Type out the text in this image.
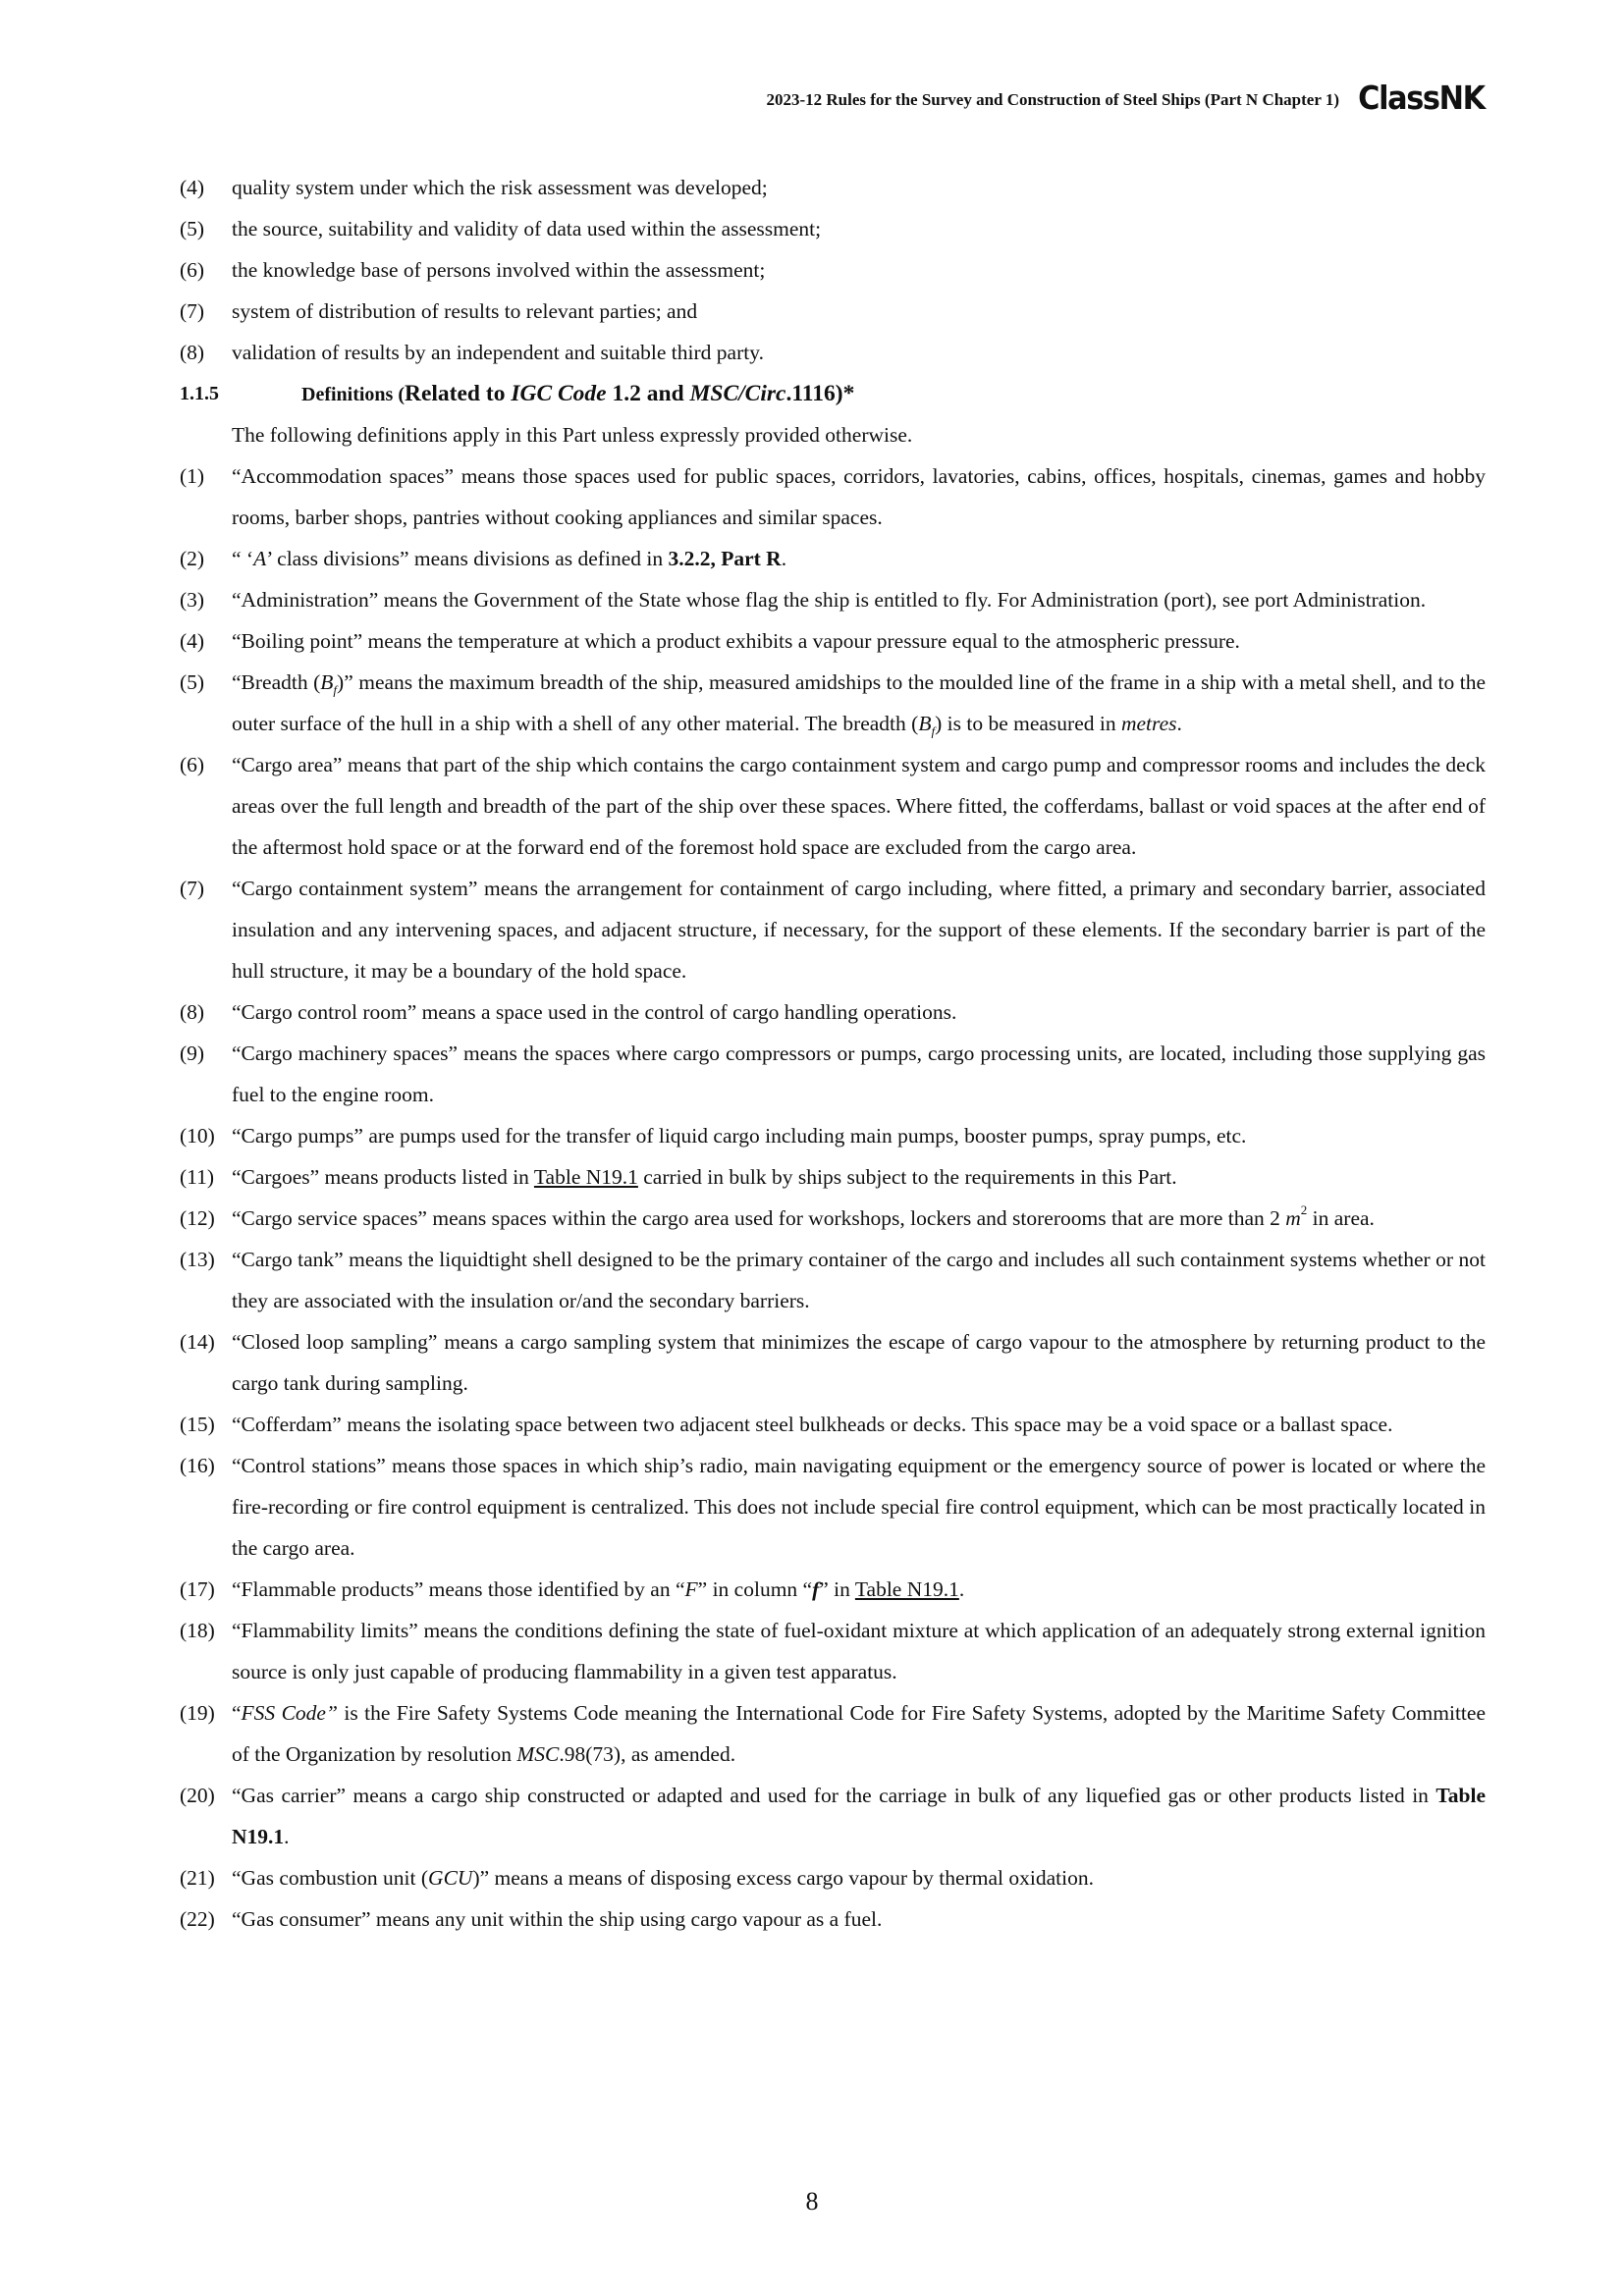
2023-12 Rules for the Survey and Construction of Steel Ships (Part N Chapter 1) ClassNK
(4) quality system under which the risk assessment was developed;
(5) the source, suitability and validity of data used within the assessment;
(6) the knowledge base of persons involved within the assessment;
(7) system of distribution of results to relevant parties; and
(8) validation of results by an independent and suitable third party.
1.1.5	Definitions (Related to IGC Code 1.2 and MSC/Circ.1116)*
The following definitions apply in this Part unless expressly provided otherwise.
(1) “Accommodation spaces” means those spaces used for public spaces, corridors, lavatories, cabins, offices, hospitals, cinemas, games and hobby rooms, barber shops, pantries without cooking appliances and similar spaces.
(2) “ ‘A’ class divisions” means divisions as defined in 3.2.2, Part R.
(3) “Administration” means the Government of the State whose flag the ship is entitled to fly. For Administration (port), see port Administration.
(4) “Boiling point” means the temperature at which a product exhibits a vapour pressure equal to the atmospheric pressure.
(5) “Breadth $(B_f)$” means the maximum breadth of the ship, measured amidships to the moulded line of the frame in a ship with a metal shell, and to the outer surface of the hull in a ship with a shell of any other material. The breadth $(B_f)$ is to be measured in metres.
(6) “Cargo area” means that part of the ship which contains the cargo containment system and cargo pump and compressor rooms and includes the deck areas over the full length and breadth of the part of the ship over these spaces. Where fitted, the cofferdams, ballast or void spaces at the after end of the aftermost hold space or at the forward end of the foremost hold space are excluded from the cargo area.
(7) “Cargo containment system” means the arrangement for containment of cargo including, where fitted, a primary and secondary barrier, associated insulation and any intervening spaces, and adjacent structure, if necessary, for the support of these elements. If the secondary barrier is part of the hull structure, it may be a boundary of the hold space.
(8) “Cargo control room” means a space used in the control of cargo handling operations.
(9) “Cargo machinery spaces” means the spaces where cargo compressors or pumps, cargo processing units, are located, including those supplying gas fuel to the engine room.
(10) “Cargo pumps” are pumps used for the transfer of liquid cargo including main pumps, booster pumps, spray pumps, etc.
(11) “Cargoes” means products listed in Table N19.1 carried in bulk by ships subject to the requirements in this Part.
(12) “Cargo service spaces” means spaces within the cargo area used for workshops, lockers and storerooms that are more than 2 $m^2$ in area.
(13) “Cargo tank” means the liquidtight shell designed to be the primary container of the cargo and includes all such containment systems whether or not they are associated with the insulation or/and the secondary barriers.
(14) “Closed loop sampling” means a cargo sampling system that minimizes the escape of cargo vapour to the atmosphere by returning product to the cargo tank during sampling.
(15) “Cofferdam” means the isolating space between two adjacent steel bulkheads or decks. This space may be a void space or a ballast space.
(16) “Control stations” means those spaces in which ship’s radio, main navigating equipment or the emergency source of power is located or where the fire-recording or fire control equipment is centralized. This does not include special fire control equipment, which can be most practically located in the cargo area.
(17) “Flammable products” means those identified by an “F” in column “f” in Table N19.1.
(18) “Flammability limits” means the conditions defining the state of fuel-oxidant mixture at which application of an adequately strong external ignition source is only just capable of producing flammability in a given test apparatus.
(19) “FSS Code” is the Fire Safety Systems Code meaning the International Code for Fire Safety Systems, adopted by the Maritime Safety Committee of the Organization by resolution MSC.98(73), as amended.
(20) “Gas carrier” means a cargo ship constructed or adapted and used for the carriage in bulk of any liquefied gas or other products listed in Table N19.1.
(21) “Gas combustion unit (GCU)” means a means of disposing excess cargo vapour by thermal oxidation.
(22) “Gas consumer” means any unit within the ship using cargo vapour as a fuel.
8
